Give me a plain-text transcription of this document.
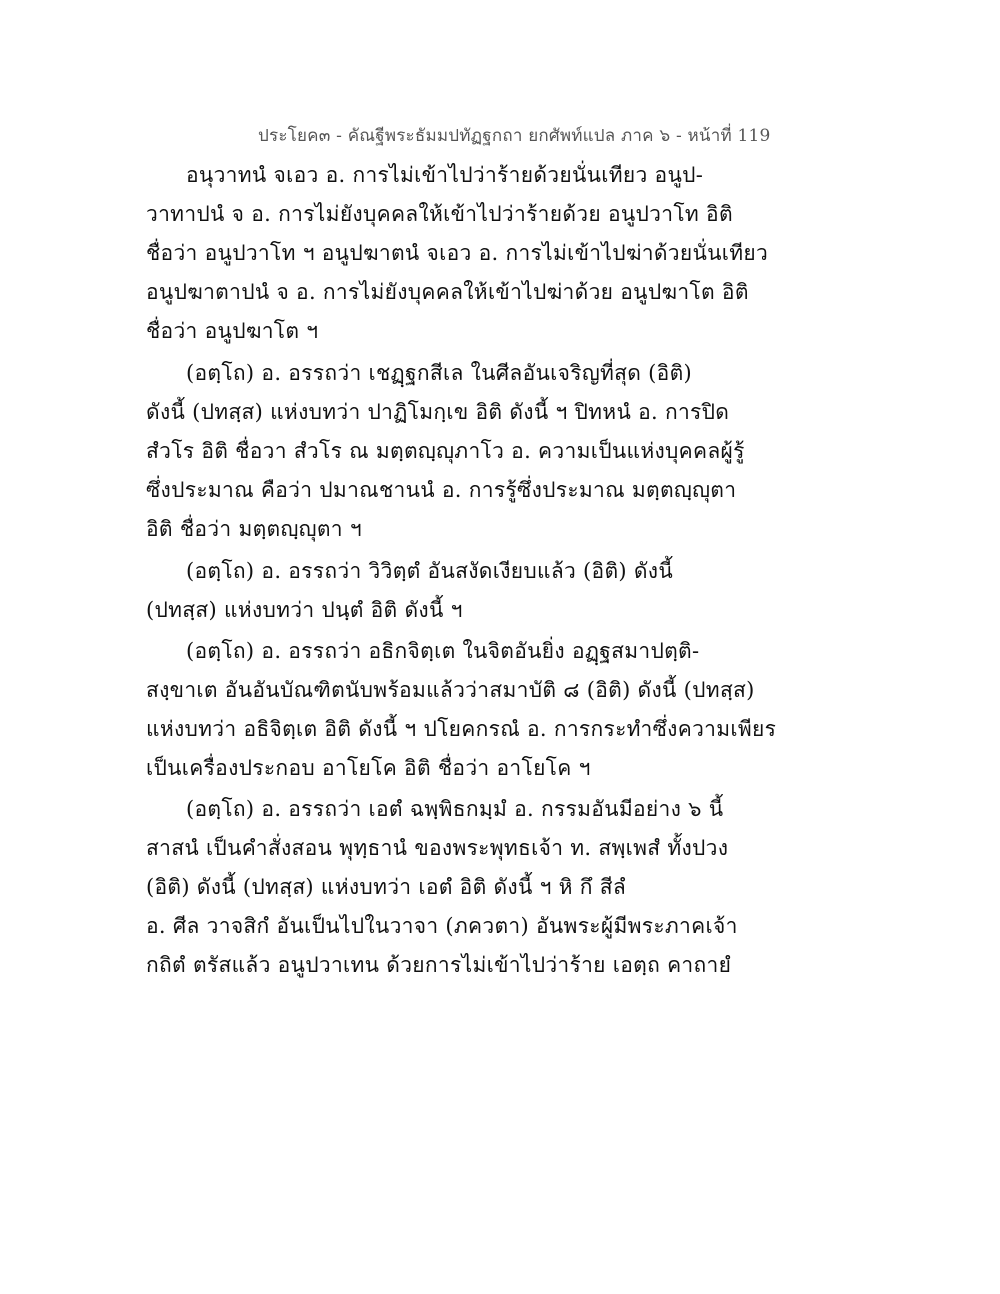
ประโยค๓ - คัณฐีพระธัมมปทัฏฐกถา ยกศัพท์แปล ภาค ๖ - หน้าที่ 119
อนุวาทนํ จเอว อ. การไม่เข้าไปว่าร้ายด้วยนั่นเทียว อนูป-
วาทาปนํ จ อ. การไม่ยังบุคคลให้เข้าไปว่าร้ายด้วย อนูปวาโท อิติ
ชื่อว่า อนูปวาโท ฯ อนูปฆาตนํ จเอว อ. การไม่เข้าไปฆ่าด้วยนั่นเทียว
อนูปฆาตาปนํ จ อ. การไม่ยังบุคคลให้เข้าไปฆ่าด้วย อนูปฆาโต อิติ
ชื่อว่า อนูปฆาโต ฯ
(อตฺโถ) อ. อรรถว่า เชฏฺฐกสีเล ในศีลอันเจริญที่สุด (อิติ)
ดังนี้ (ปทสฺส) แห่งบทว่า ปาฏิโมกฺเข อิติ ดังนี้ ฯ ปิทหนํ อ. การปิด
สํวโร อิติ ชื่อวา สํวโร ณ มตฺตญฺญุภาโว อ. ความเป็นแห่งบุคคลผู้รู้
ซึ่งประมาณ คือว่า ปมาณชานนํ อ. การรู้ซึ่งประมาณ มตฺตญฺญุตา
อิติ ชื่อว่า มตฺตญฺญุตา ฯ
(อตฺโถ) อ. อรรถว่า วิวิตฺตํ อันสงัดเงียบแล้ว (อิติ) ดังนี้
(ปทสฺส) แห่งบทว่า ปนฺตํ อิติ ดังนี้ ฯ
(อตฺโถ) อ. อรรถว่า อธิกจิตฺเต ในจิตอันยิ่ง อฏฺฐสมาปตฺติ-
สงฺขาเต อันอันบัณฑิตนับพร้อมแล้วว่าสมาบัติ ๘ (อิติ) ดังนี้ (ปทสฺส)
แห่งบทว่า อธิจิตฺเต อิติ ดังนี้ ฯ ปโยคกรณํ อ. การกระทำซึ่งความเพียร
เป็นเครื่องประกอบ อาโยโค อิติ ชื่อว่า อาโยโค ฯ
(อตฺโถ) อ. อรรถว่า เอตํ ฉพฺพิธกมฺมํ อ. กรรมอันมีอย่าง ๖ นี้
สาสนํ เป็นคำสั่งสอน พุทฺธานํ ของพระพุทธเจ้า ท. สพฺเพสํ ทั้งปวง
(อิติ) ดังนี้ (ปทสฺส) แห่งบทว่า เอตํ อิติ ดังนี้ ฯ หิ กึ สีลํ
อ. ศีล วาจสิกํ อันเป็นไปในวาจา (ภควตา) อันพระผู้มีพระภาคเจ้า
กถิตํ ตรัสแล้ว อนูปวาเทน ด้วยการไม่เข้าไปว่าร้าย เอตฺถ คาถายํ
